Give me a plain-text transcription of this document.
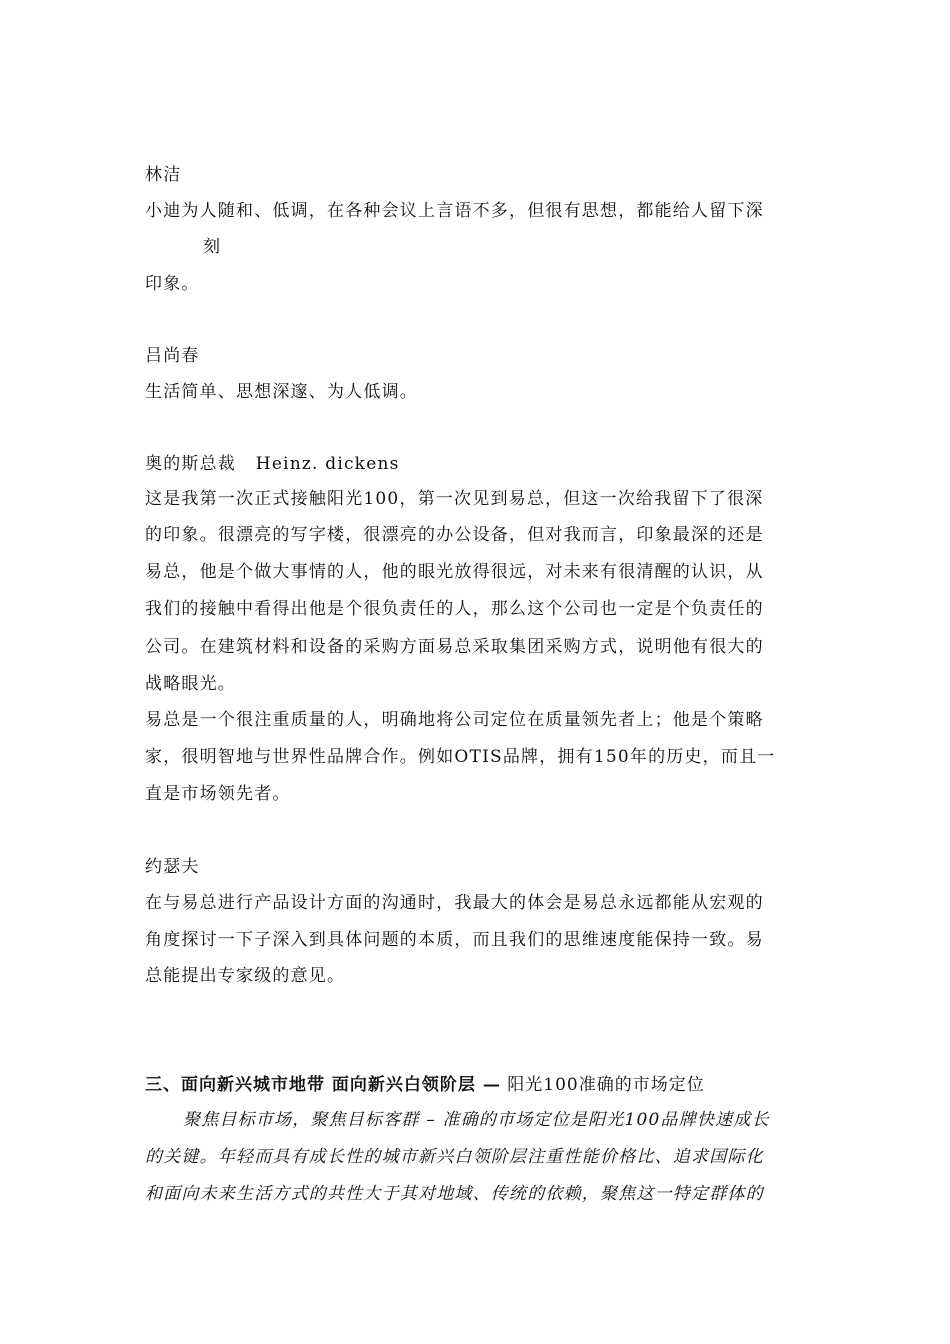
林洁
小迪为人随和、低调，在各种会议上言语不多，但很有思想，都能给人留下深
刻
印象。
吕尚春
生活简单、思想深邃、为人低调。
奥的斯总裁   Heinz. dickens
这是我第一次正式接触阳光100，第一次见到易总，但这一次给我留下了很深
的印象。很漂亮的写字楼，很漂亮的办公设备，但对我而言，印象最深的还是
易总，他是个做大事情的人，他的眼光放得很远，对未来有很清醒的认识，从
我们的接触中看得出他是个很负责任的人，那么这个公司也一定是个负责任的
公司。在建筑材料和设备的采购方面易总采取集团采购方式，说明他有很大的
战略眼光。
易总是一个很注重质量的人，明确地将公司定位在质量领先者上；他是个策略
家，很明智地与世界性品牌合作。例如OTIS品牌，拥有150年的历史，而且一
直是市场领先者。
约瑟夫
在与易总进行产品设计方面的沟通时，我最大的体会是易总永远都能从宏观的
角度探讨一下子深入到具体问题的本质，而且我们的思维速度能保持一致。易
总能提出专家级的意见。
三、面向新兴城市地带 面向新兴白领阶层 — 阳光100准确的市场定位
聚焦目标市场，聚焦目标客群 – 准确的市场定位是阳光100品牌快速成长
的关键。年轻而具有成长性的城市新兴白领阶层注重性能价格比、追求国际化
和面向未来生活方式的共性大于其对地域、传统的依赖，聚焦这一特定群体的
